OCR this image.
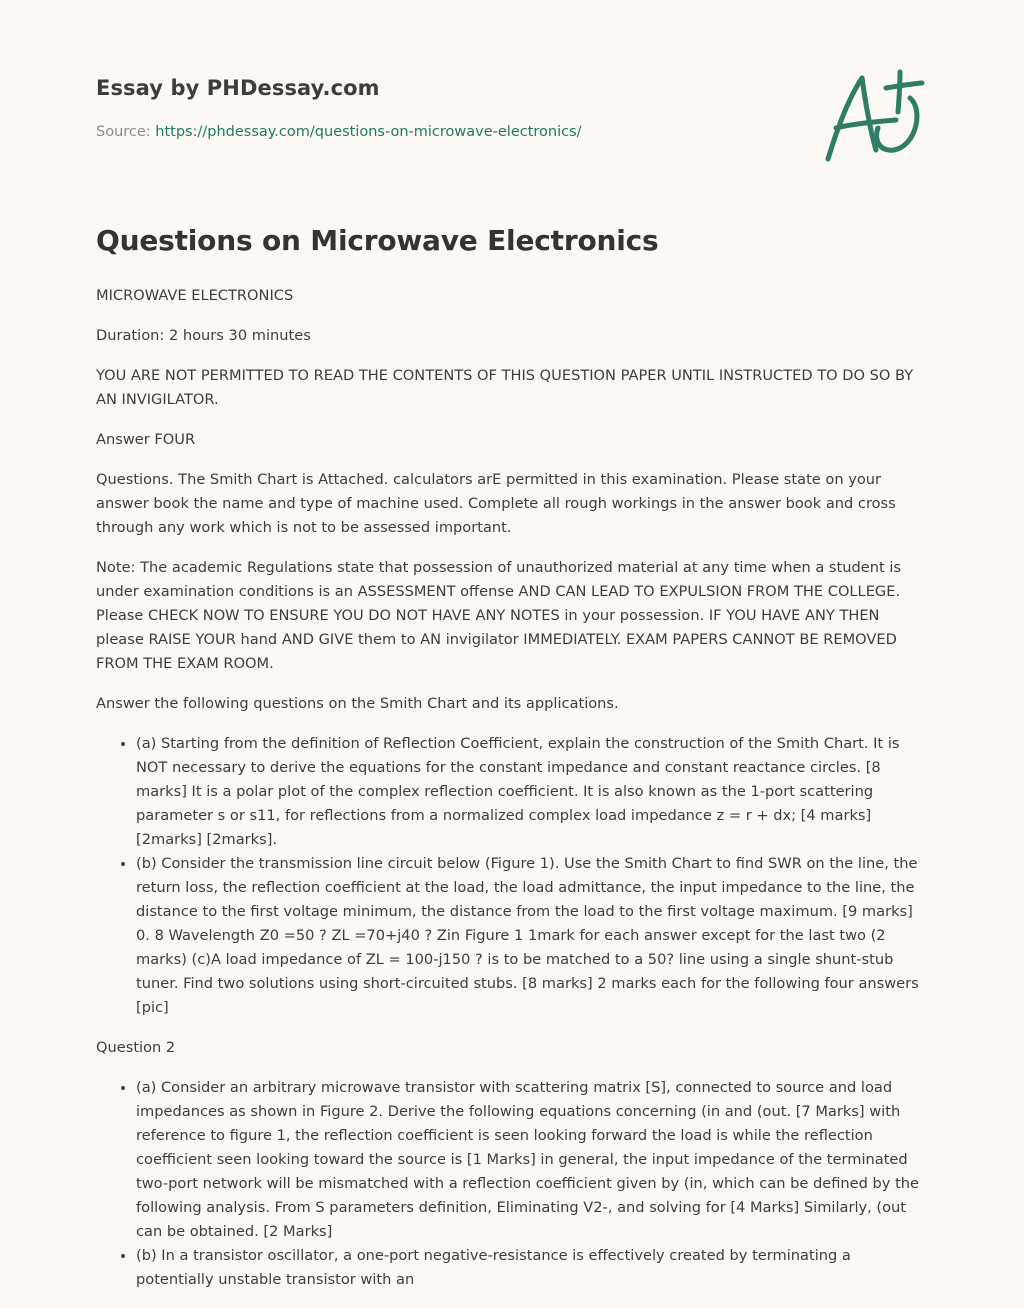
Essay by PHDessay.com
Source: https://phdessay.com/questions-on-microwave-electronics/
Questions on Microwave Electronics

MICROWAVE ELECTRONICS

Duration: 2 hours 30 minutes

YOU ARE NOT PERMITTED TO READ THE CONTENTS OF THIS QUESTION PAPER UNTIL INSTRUCTED TO DO SO BY AN INVIGILATOR.

Answer FOUR

Questions. The Smith Chart is Attached. calculators arE permitted in this examination. Please state on your answer book the name and type of machine used. Complete all rough workings in the answer book and cross through any work which is not to be assessed important.

Note: The academic Regulations state that possession of unauthorized material at any time when a student is under examination conditions is an ASSESSMENT offense AND CAN LEAD TO EXPULSION FROM THE COLLEGE. Please CHECK NOW TO ENSURE YOU DO NOT HAVE ANY NOTES in your possession. IF YOU HAVE ANY THEN please RAISE YOUR hand AND GIVE them to AN invigilator IMMEDIATELY. EXAM PAPERS CANNOT BE REMOVED FROM THE EXAM ROOM.

Answer the following questions on the Smith Chart and its applications.

• (a) Starting from the definition of Reflection Coefficient, explain the construction of the Smith Chart. It is NOT necessary to derive the equations for the constant impedance and constant reactance circles. [8 marks] It is a polar plot of the complex reflection coefficient. It is also known as the 1-port scattering parameter s or s11, for reflections from a normalized complex load impedance z = r + dx; [4 marks] [2marks] [2marks].
• (b) Consider the transmission line circuit below (Figure 1). Use the Smith Chart to find SWR on the line, the return loss, the reflection coefficient at the load, the load admittance, the input impedance to the line, the distance to the first voltage minimum, the distance from the load to the first voltage maximum. [9 marks] 0. 8 Wavelength Z0 =50 ? ZL =70+j40 ? Zin Figure 1 1mark for each answer except for the last two (2 marks) (c)A load impedance of ZL = 100-j150 ? is to be matched to a 50? line using a single shunt-stub tuner. Find two solutions using short-circuited stubs. [8 marks] 2 marks each for the following four answers [pic]

Question 2

• (a) Consider an arbitrary microwave transistor with scattering matrix [S], connected to source and load impedances as shown in Figure 2. Derive the following equations concerning (in and (out. [7 Marks] with reference to figure 1, the reflection coefficient is seen looking forward the load is while the reflection coefficient seen looking toward the source is [1 Marks] in general, the input impedance of the terminated two-port network will be mismatched with a reflection coefficient given by (in, which can be defined by the following analysis. From S parameters definition, Eliminating V2-, and solving for [4 Marks] Similarly, (out can be obtained. [2 Marks]
• (b) In a transistor oscillator, a one-port negative-resistance is effectively created by terminating a potentially unstable transistor with an
